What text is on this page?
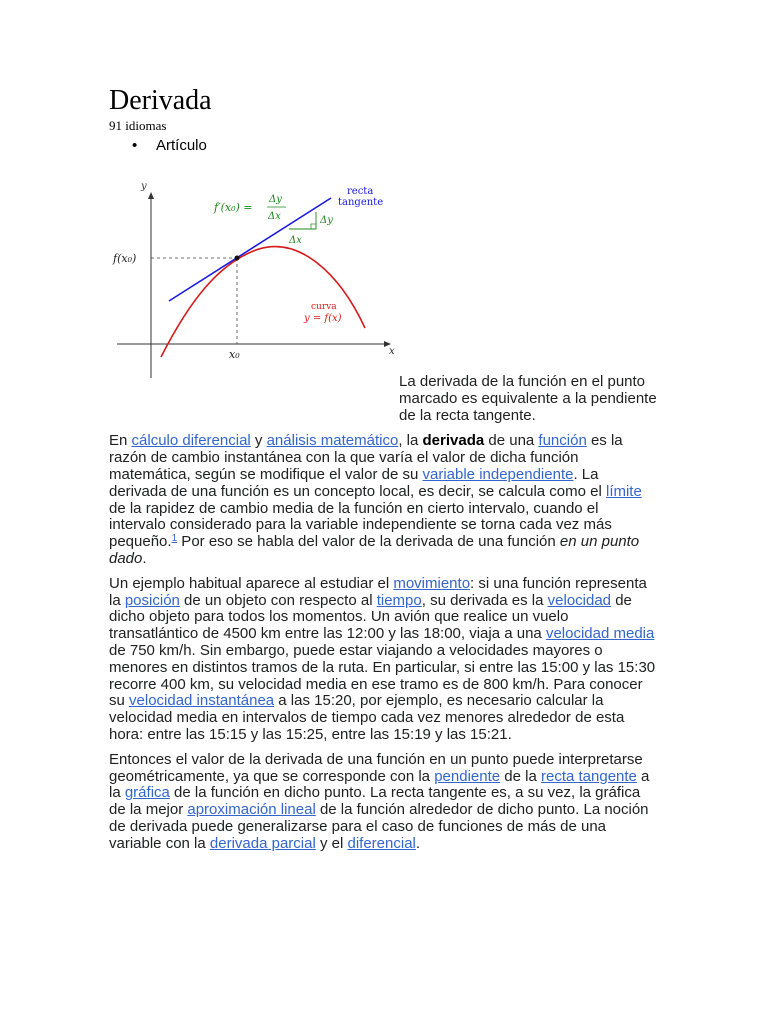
Derivada
91 idiomas
• Artículo
y
x
f(x₀)
x₀
Δy
Δx
f′(x₀) =
Δy
Δx
recta
tangente
curva
y = f(x)

La derivada de la función en el punto marcado es equivalente a la pendiente de la recta tangente.

En cálculo diferencial y análisis matemático, la derivada de una función es la razón de cambio instantánea con la que varía el valor de dicha función matemática, según se modifique el valor de su variable independiente. La derivada de una función es un concepto local, es decir, se calcula como el límite de la rapidez de cambio media de la función en cierto intervalo, cuando el intervalo considerado para la variable independiente se torna cada vez más pequeño.$^1$ Por eso se habla del valor de la derivada de una función en un punto dado.

Un ejemplo habitual aparece al estudiar el movimiento: si una función representa la posición de un objeto con respecto al tiempo, su derivada es la velocidad de dicho objeto para todos los momentos. Un avión que realice un vuelo transatlántico de 4500 km entre las 12:00 y las 18:00, viaja a una velocidad media de 750 km/h. Sin embargo, puede estar viajando a velocidades mayores o menores en distintos tramos de la ruta. En particular, si entre las 15:00 y las 15:30 recorre 400 km, su velocidad media en ese tramo es de 800 km/h. Para conocer su velocidad instantánea a las 15:20, por ejemplo, es necesario calcular la velocidad media en intervalos de tiempo cada vez menores alrededor de esta hora: entre las 15:15 y las 15:25, entre las 15:19 y las 15:21.

Entonces el valor de la derivada de una función en un punto puede interpretarse geométricamente, ya que se corresponde con la pendiente de la recta tangente a la gráfica de la función en dicho punto. La recta tangente es, a su vez, la gráfica de la mejor aproximación lineal de la función alrededor de dicho punto. La noción de derivada puede generalizarse para el caso de funciones de más de una variable con la derivada parcial y el diferencial.
